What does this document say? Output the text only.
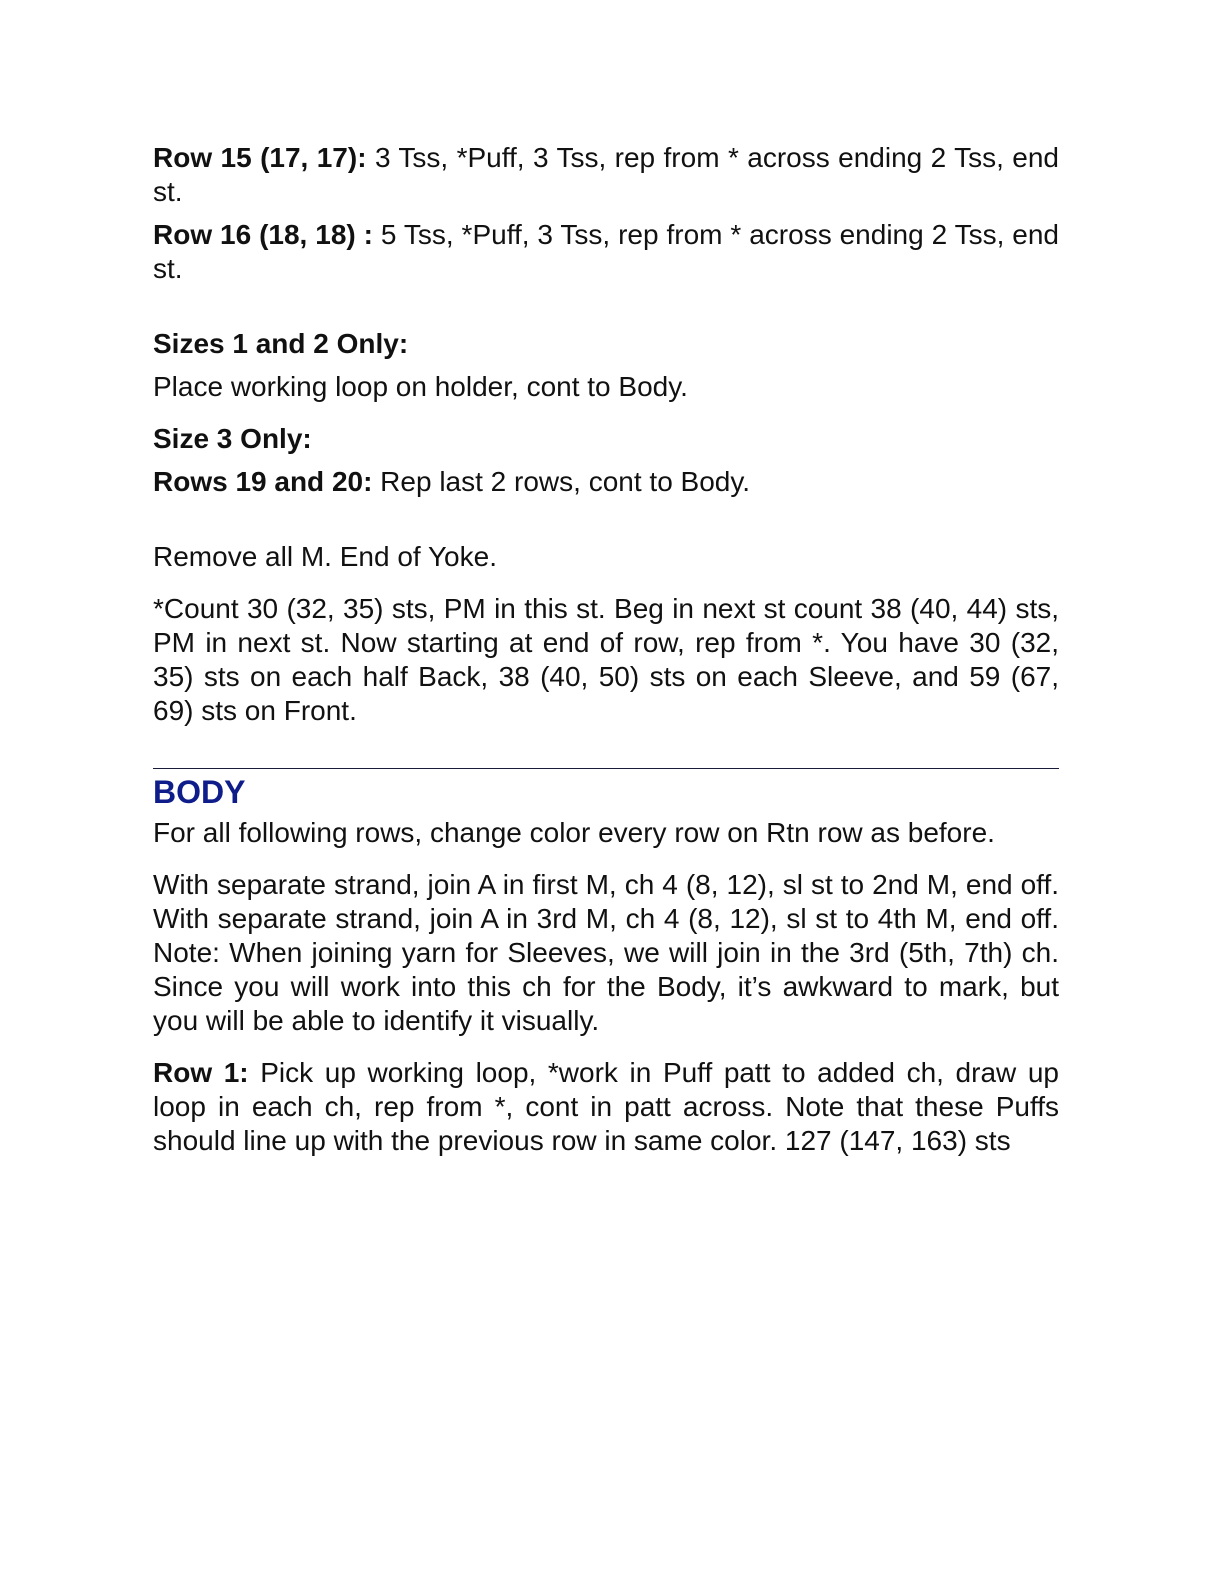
Row 15 (17, 17): 3 Tss, *Puff, 3 Tss, rep from * across ending 2 Tss, end st.

Row 16 (18, 18) : 5 Tss, *Puff, 3 Tss, rep from * across ending 2 Tss, end st.

Sizes 1 and 2 Only:

Place working loop on holder, cont to Body.

Size 3 Only:

Rows 19 and 20: Rep last 2 rows, cont to Body.

Remove all M. End of Yoke.

*Count 30 (32, 35) sts, PM in this st. Beg in next st count 38 (40, 44) sts, PM in next st. Now starting at end of row, rep from *. You have 30 (32, 35) sts on each half Back, 38 (40, 50) sts on each Sleeve, and 59 (67, 69) sts on Front.

BODY

For all following rows, change color every row on Rtn row as before.

With separate strand, join A in first M, ch 4 (8, 12), sl st to 2nd M, end off. With separate strand, join A in 3rd M, ch 4 (8, 12), sl st to 4th M, end off. Note: When joining yarn for Sleeves, we will join in the 3rd (5th, 7th) ch. Since you will work into this ch for the Body, it’s awkward to mark, but you will be able to identify it visually.

Row 1: Pick up working loop, *work in Puff patt to added ch, draw up loop in each ch, rep from *, cont in patt across. Note that these Puffs should line up with the previous row in same color. 127 (147, 163) sts
